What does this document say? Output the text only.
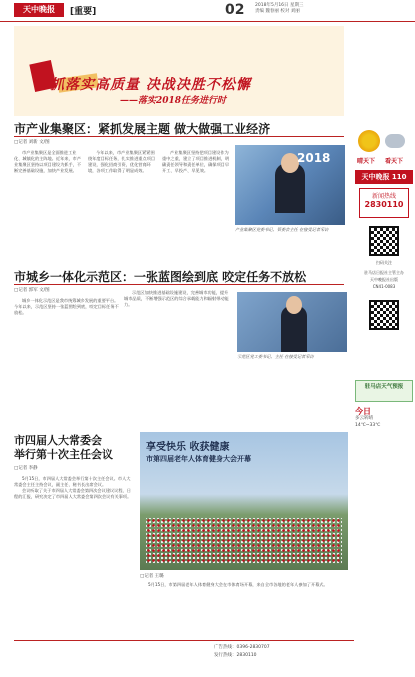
天中晚报	[重要]	02 2018年5月16日 星期三
责编 魏春丽 校对 刘丽
抓落实高质量 决战决胜不松懈
——落实2018任务进行时
市产业集聚区：紧抓发展主题 做大做强工业经济
□记者 刘新 文/图

市产业集聚区是全面推进工业化、城镇化的主阵地。近年来，市产业集聚区坚持以项目建设为抓手，不断完善基础设施，加快产业发展。

今年以来，市产业集聚区紧紧围绕年度目标任务，扎实推进重点项目建设，强化招商引资，优化营商环境，各项工作取得了明显成效。

产业集聚区坚持把项目建设作为重中之重，建立了项目推进机制，明确责任领导和责任单位，确保项目早开工、早投产、早见效。

2018
产业集聚区党委书记、管委会主任 在接受记者采访
市城乡一体化示范区：一张蓝图绘到底 咬定任务不放松
□记者 郭军 文/图

城乡一体化示范区是我市统筹城乡发展的重要平台。今年以来，示范区坚持一张蓝图绘到底，咬定目标任务不放松。

示范区加快推进基础设施建设，完善城市功能，提升城市品质，不断增强示范区的综合承载能力和辐射带动能力。

示范区党工委书记、主任 在接受记者采访
市四届人大常委会
举行第十次主任会议
□记者 李静

5月15日，市四届人大常委会举行第十次主任会议。市人大常委会主任主持会议，副主任、秘书长出席会议。

会议听取了关于市四届人大常委会第四次会议建议议程、日程的汇报，研究决定了市四届人大常委会第四次会议有关事项。

享受快乐 收获健康
市第四届老年人体育健身大会开幕
□记者 王璐

5月15日，市第四届老年人体育健身大会在市体育场开幕，来自全市各地的老年人参加了开幕式。

晴天下 看天下
天中晚报 110
新闻热线
2830110
扫码关注
驻马店日报社主管主办
天中晚报社出版
CN41-0083
驻马店天气预报
今日
多云转晴
14℃~33℃
广告热线：0396-2830707
发行热线：2830110
